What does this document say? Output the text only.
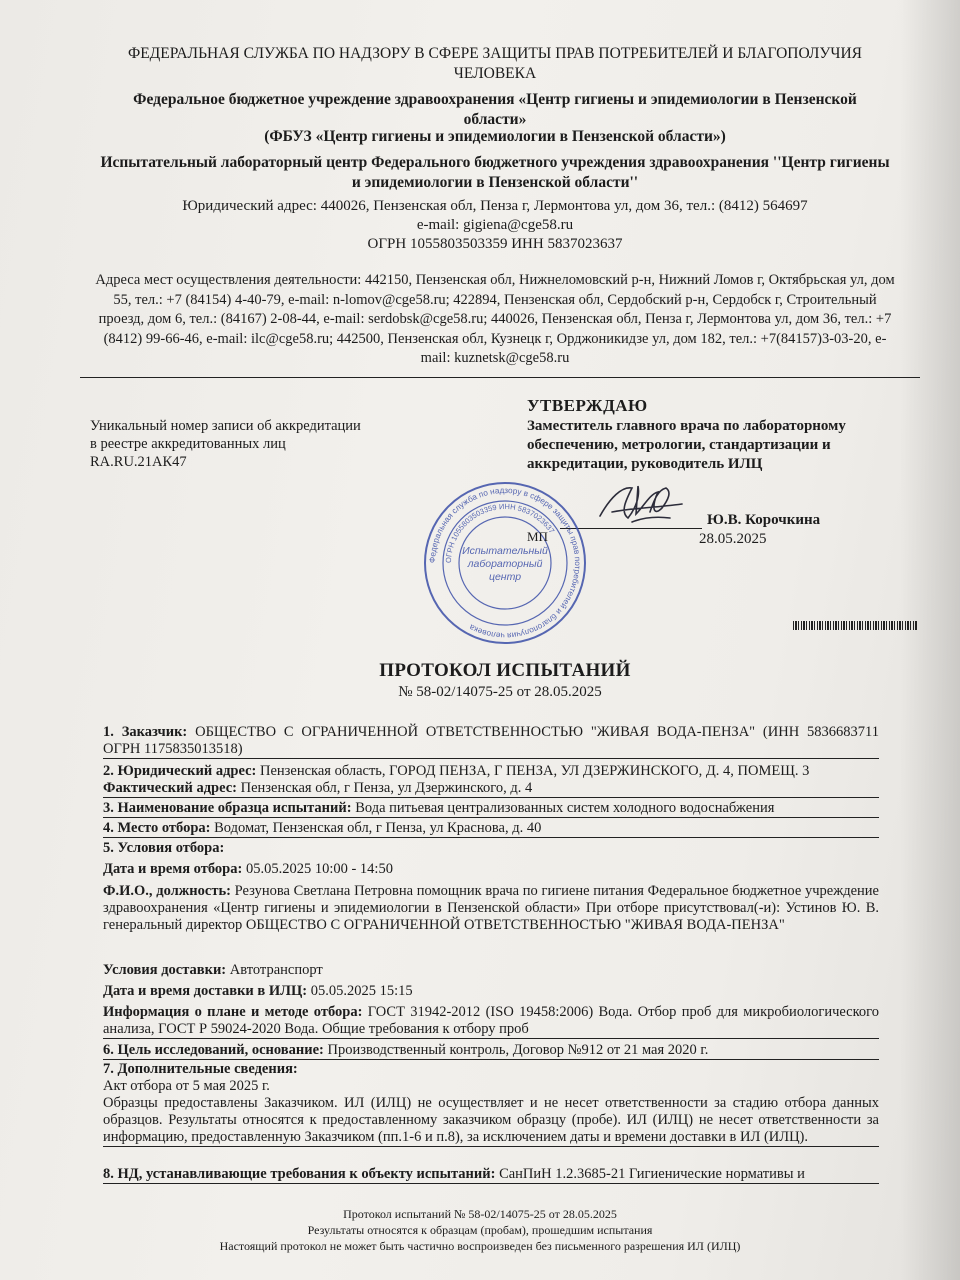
ФЕДЕРАЛЬНАЯ СЛУЖБА ПО НАДЗОРУ В СФЕРЕ ЗАЩИТЫ ПРАВ ПОТРЕБИТЕЛЕЙ И БЛАГОПОЛУЧИЯ ЧЕЛОВЕКА
Федеральное бюджетное учреждение здравоохранения «Центр гигиены и эпидемиологии в Пензенской области»
(ФБУЗ «Центр гигиены и эпидемиологии в Пензенской области»)
Испытательный лабораторный центр Федерального бюджетного учреждения здравоохранения ''Центр гигиены и эпидемиологии в Пензенской области''
Юридический адрес: 440026, Пензенская обл, Пенза г, Лермонтова ул, дом 36, тел.: (8412) 564697
e-mail: gigiena@cge58.ru
ОГРН 1055803503359 ИНН 5837023637
Адреса мест осуществления деятельности: 442150, Пензенская обл, Нижнеломовский р-н, Нижний Ломов г, Октябрьская ул, дом 55, тел.: +7 (84154) 4-40-79, e-mail: n-lomov@cge58.ru; 422894, Пензенская обл, Сердобский р-н, Сердобск г, Строительный проезд, дом 6, тел.: (84167) 2-08-44, e-mail: serdobsk@cge58.ru; 440026, Пензенская обл, Пенза г, Лермонтова ул, дом 36, тел.: +7 (8412) 99-66-46, e-mail: ilc@cge58.ru; 442500, Пензенская обл, Кузнецк г, Орджоникидзе ул, дом 182, тел.: +7(84157)3-03-20, e-mail: kuznetsk@cge58.ru
Уникальный номер записи об аккредитации
в реестре аккредитованных лиц
RA.RU.21АК47
УТВЕРЖДАЮ
Заместитель главного врача по лабораторному обеспечению, метрологии, стандартизации и аккредитации, руководитель ИЛЦ
Ю.В. Корочкина
28.05.2025
Федеральная служба по надзору в сфере защиты прав потребителей и благополучия человека
ОГРН 1055803503359 ИНН 5837023637
Испытательный
лабораторный
центр
МП
ПРОТОКОЛ ИСПЫТАНИЙ
№ 58-02/14075-25 от 28.05.2025
1. Заказчик: ОБЩЕСТВО С ОГРАНИЧЕННОЙ ОТВЕТСТВЕННОСТЬЮ "ЖИВАЯ ВОДА-ПЕНЗА" (ИНН 5836683711 ОГРН 1175835013518)
2. Юридический адрес: Пензенская область, ГОРОД ПЕНЗА, Г ПЕНЗА, УЛ ДЗЕРЖИНСКОГО, Д. 4, ПОМЕЩ. 3
Фактический адрес: Пензенская обл, г Пенза, ул Дзержинского, д. 4
3. Наименование образца испытаний: Вода питьевая централизованных систем холодного водоснабжения
4. Место отбора: Водомат, Пензенская обл, г Пенза, ул Краснова, д. 40
5. Условия отбора:
Дата и время отбора: 05.05.2025 10:00 - 14:50
Ф.И.О., должность: Резунова Светлана Петровна помощник врача по гигиене питания Федеральное бюджетное учреждение здравоохранения «Центр гигиены и эпидемиологии в Пензенской области» При отборе присутствовал(-и): Устинов Ю. В. генеральный директор ОБЩЕСТВО С ОГРАНИЧЕННОЙ ОТВЕТСТВЕННОСТЬЮ "ЖИВАЯ ВОДА-ПЕНЗА"
Условия доставки: Автотранспорт
Дата и время доставки в ИЛЦ: 05.05.2025 15:15
Информация о плане и методе отбора: ГОСТ 31942-2012 (ISO 19458:2006) Вода. Отбор проб для микробиологического анализа, ГОСТ Р 59024-2020 Вода. Общие требования к отбору проб
6. Цель исследований, основание: Производственный контроль, Договор №912 от 21 мая 2020 г.
7. Дополнительные сведения:
Акт отбора от 5 мая 2025 г.
Образцы предоставлены Заказчиком. ИЛ (ИЛЦ) не осуществляет и не несет ответственности за стадию отбора данных образцов. Результаты относятся к предоставленному заказчиком образцу (пробе). ИЛ (ИЛЦ) не несет ответственности за информацию, предоставленную Заказчиком (пп.1-6 и п.8), за исключением даты и времени доставки в ИЛ (ИЛЦ).
8. НД, устанавливающие требования к объекту испытаний: СанПиН 1.2.3685-21 Гигиенические нормативы и
Протокол испытаний № 58-02/14075-25 от 28.05.2025
Результаты относятся к образцам (пробам), прошедшим испытания
Настоящий протокол не может быть частично воспроизведен без письменного разрешения ИЛ (ИЛЦ)
